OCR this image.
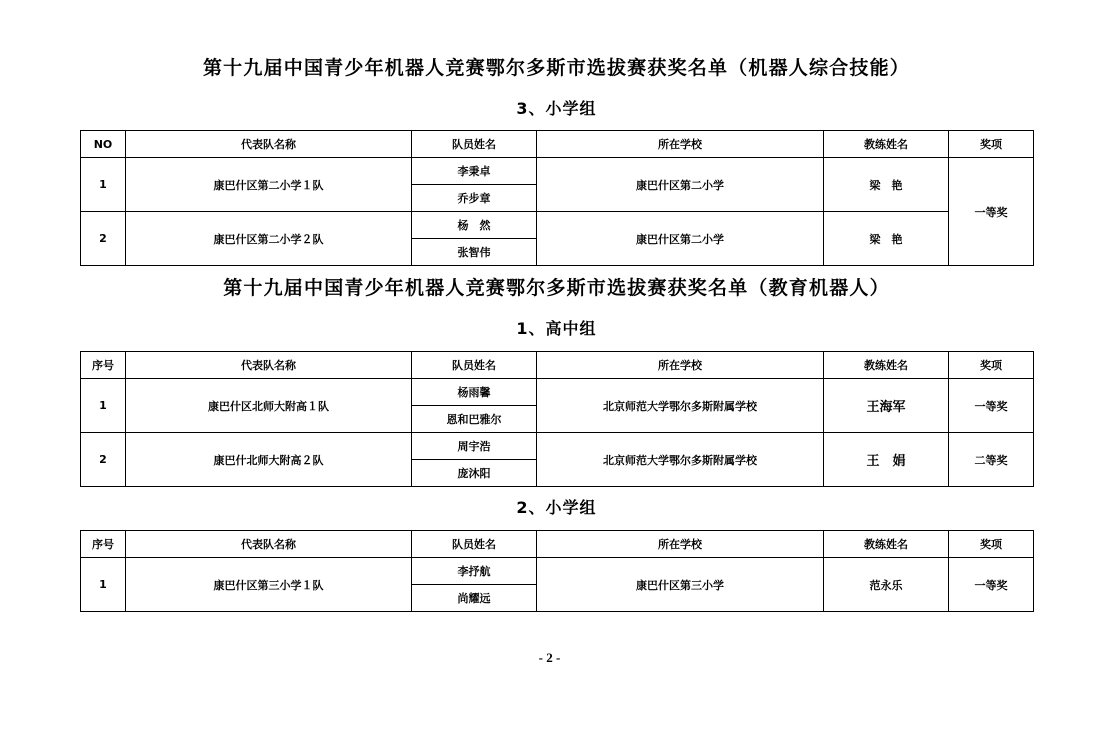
第十九届中国青少年机器人竞赛鄂尔多斯市选拔赛获奖名单（机器人综合技能）
3、小学组
NO	代表队名称	队员姓名	所在学校	教练姓名	奖项
1	康巴什区第二小学１队	李秉卓	康巴什区第二小学	梁　艳	一等奖
		乔步章			
2	康巴什区第二小学２队	杨　然	康巴什区第二小学	梁　艳	
		张智伟			
第十九届中国青少年机器人竞赛鄂尔多斯市选拔赛获奖名单（教育机器人）
1、高中组
序号	代表队名称	队员姓名	所在学校	教练姓名	奖项
1	康巴什区北师大附高１队	杨雨馨	北京师范大学鄂尔多斯附属学校	王海军	一等奖
		恩和巴雅尔			
2	康巴什北师大附高２队	周宇浩	北京师范大学鄂尔多斯附属学校	王　娟	二等奖
		庞沐阳			
2、小学组
序号	代表队名称	队员姓名	所在学校	教练姓名	奖项
1	康巴什区第三小学１队	李抒航	康巴什区第三小学	范永乐	一等奖
		尚耀远			
- 2 -
